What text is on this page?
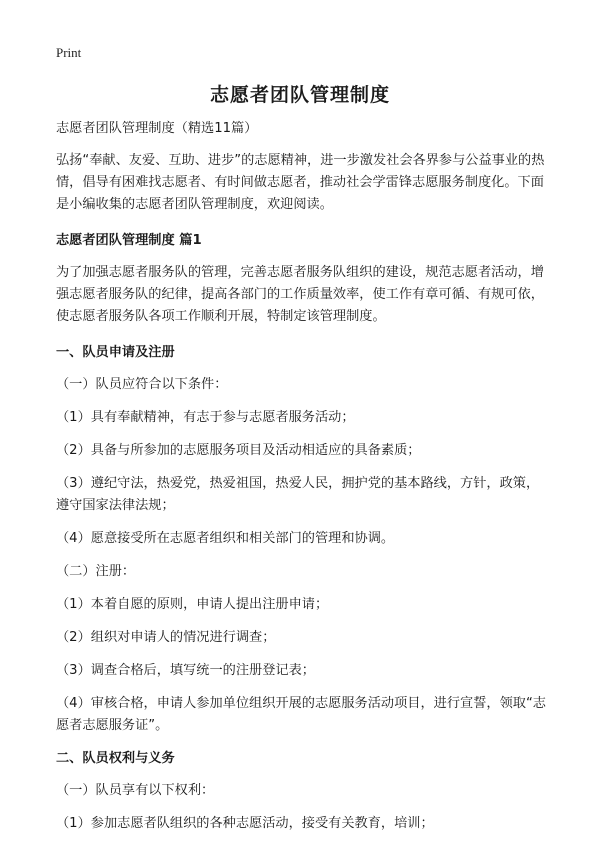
Print
志愿者团队管理制度

志愿者团队管理制度（精选11篇）

弘扬“奉献、友爱、互助、进步”的志愿精神，进一步激发社会各界参与公益事业的热情，倡导有困难找志愿者、有时间做志愿者，推动社会学雷锋志愿服务制度化。下面是小编收集的志愿者团队管理制度，欢迎阅读。

志愿者团队管理制度 篇1

为了加强志愿者服务队的管理，完善志愿者服务队组织的建设，规范志愿者活动，增强志愿者服务队的纪律，提高各部门的工作质量效率，使工作有章可循、有规可依，使志愿者服务队各项工作顺利开展，特制定该管理制度。

一、队员申请及注册

（一）队员应符合以下条件：

（1）具有奉献精神，有志于参与志愿者服务活动；

（2）具备与所参加的志愿服务项目及活动相适应的具备素质；

（3）遵纪守法，热爱党，热爱祖国，热爱人民，拥护党的基本路线，方针，政策，遵守国家法律法规；

（4）愿意接受所在志愿者组织和相关部门的管理和协调。

（二）注册：

（1）本着自愿的原则，申请人提出注册申请；

（2）组织对申请人的情况进行调查；

（3）调查合格后，填写统一的注册登记表；

（4）审核合格，申请人参加单位组织开展的志愿服务活动项目，进行宣誓，领取“志愿者志愿服务证”。

二、队员权利与义务

（一）队员享有以下权利：

（1）参加志愿者队组织的各种志愿活动，接受有关教育，培训；
